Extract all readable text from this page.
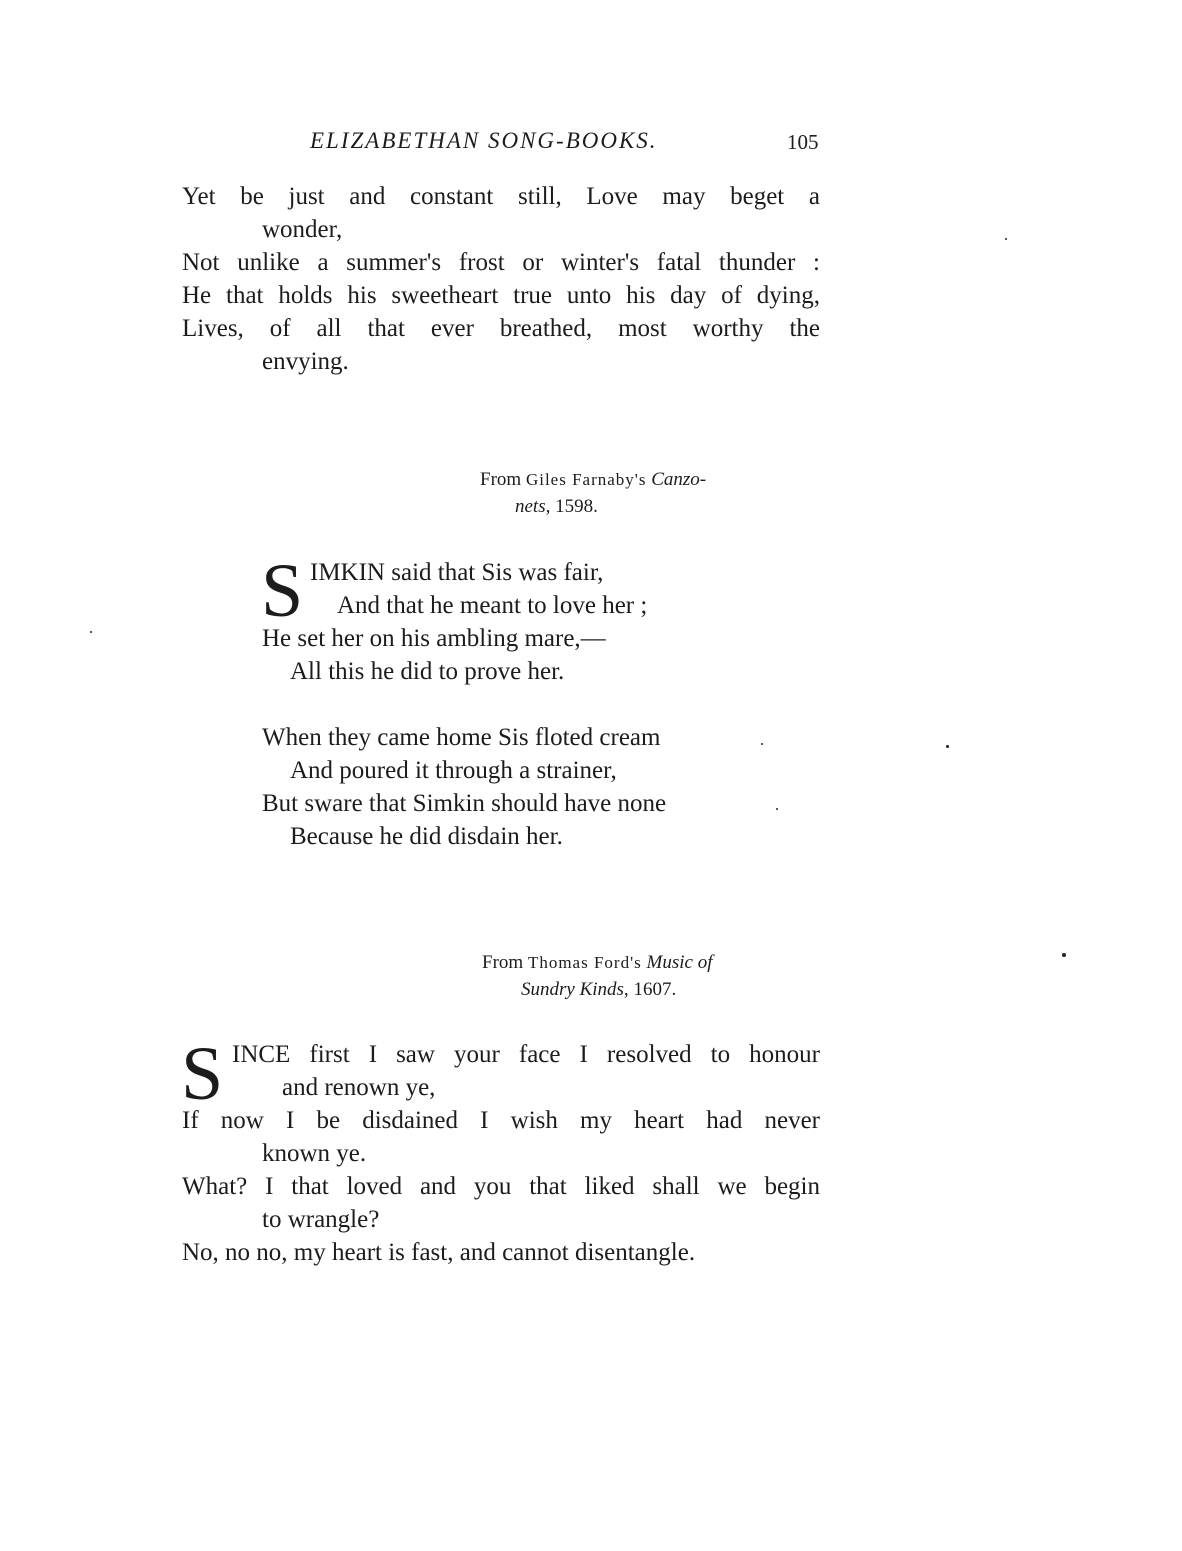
ELIZABETHAN SONG-BOOKS.	105
Yet be just and constant still, Love may beget a
wonder,
Not unlike a summer's frost or winter's fatal thunder :
He that holds his sweetheart true unto his day of dying,
Lives, of all that ever breathed, most worthy the
envying.
From Giles Farnaby's Canzo-
nets, 1598.
S IMKIN said that Sis was fair,
And that he meant to love her ;
He set her on his ambling mare,—
All this he did to prove her.
When they came home Sis floted cream
And poured it through a strainer,
But sware that Simkin should have none
Because he did disdain her.
From Thomas Ford's Music of
Sundry Kinds, 1607.
S INCE first I saw your face I resolved to honour
and renown ye,
If now I be disdained I wish my heart had never
known ye.
What? I that loved and you that liked shall we begin
to wrangle?
No, no no, my heart is fast, and cannot disentangle.
